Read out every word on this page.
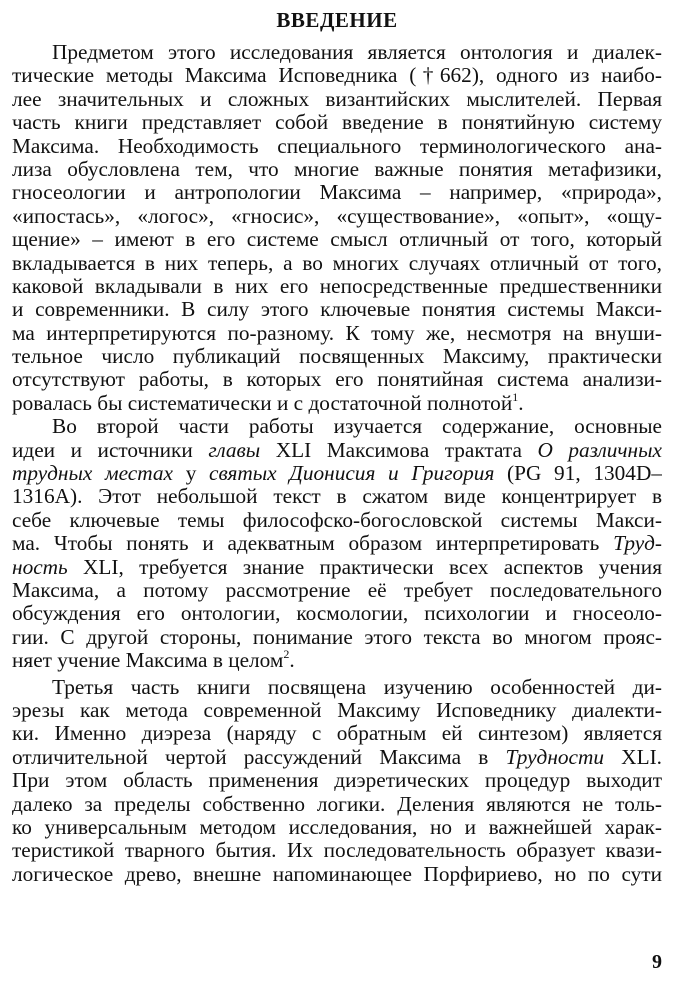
ВВЕДЕНИЕ
Предметом этого исследования является онтология и диалек-
тические методы Максима Исповедника (†662), одного из наибо-
лее значительных и сложных византийских мыслителей. Первая
часть книги представляет собой введение в понятийную систему
Максима. Необходимость специального терминологического ана-
лиза обусловлена тем, что многие важные понятия метафизики,
гносеологии и антропологии Максима – например, «природа»,
«ипостась», «логос», «гносис», «существование», «опыт», «ощу-
щение» – имеют в его системе смысл отличный от того, который
вкладывается в них теперь, а во многих случаях отличный от того,
каковой вкладывали в них его непосредственные предшественники
и современники. В силу этого ключевые понятия системы Макси-
ма интерпретируются по-разному. К тому же, несмотря на внуши-
тельное число публикаций посвященных Максиму, практически
отсутствуют работы, в которых его понятийная система анализи-
ровалась бы систематически и с достаточной полнотой$^1$.
Во второй части работы изучается содержание, основные
идеи и источники главы XLI Максимова трактата О различных
трудных местах у святых Дионисия и Григория (PG 91, 1304D–
1316A). Этот небольшой текст в сжатом виде концентрирует в
себе ключевые темы философско-богословской системы Макси-
ма. Чтобы понять и адекватным образом интерпретировать Труд-
ность XLI, требуется знание практически всех аспектов учения
Максима, а потому рассмотрение её требует последовательного
обсуждения его онтологии, космологии, психологии и гносеоло-
гии. С другой стороны, понимание этого текста во многом прояс-
няет учение Максима в целом$^2$.
Третья часть книги посвящена изучению особенностей ди-
эрезы как метода современной Максиму Исповеднику диалекти-
ки. Именно диэреза (наряду с обратным ей синтезом) является
отличительной чертой рассуждений Максима в Трудности XLI.
При этом область применения диэретических процедур выходит
далеко за пределы собственно логики. Деления являются не толь-
ко универсальным методом исследования, но и важнейшей харак-
теристикой тварного бытия. Их последовательность образует квази-
логическое древо, внешне напоминающее Порфириево, но по сути
9
